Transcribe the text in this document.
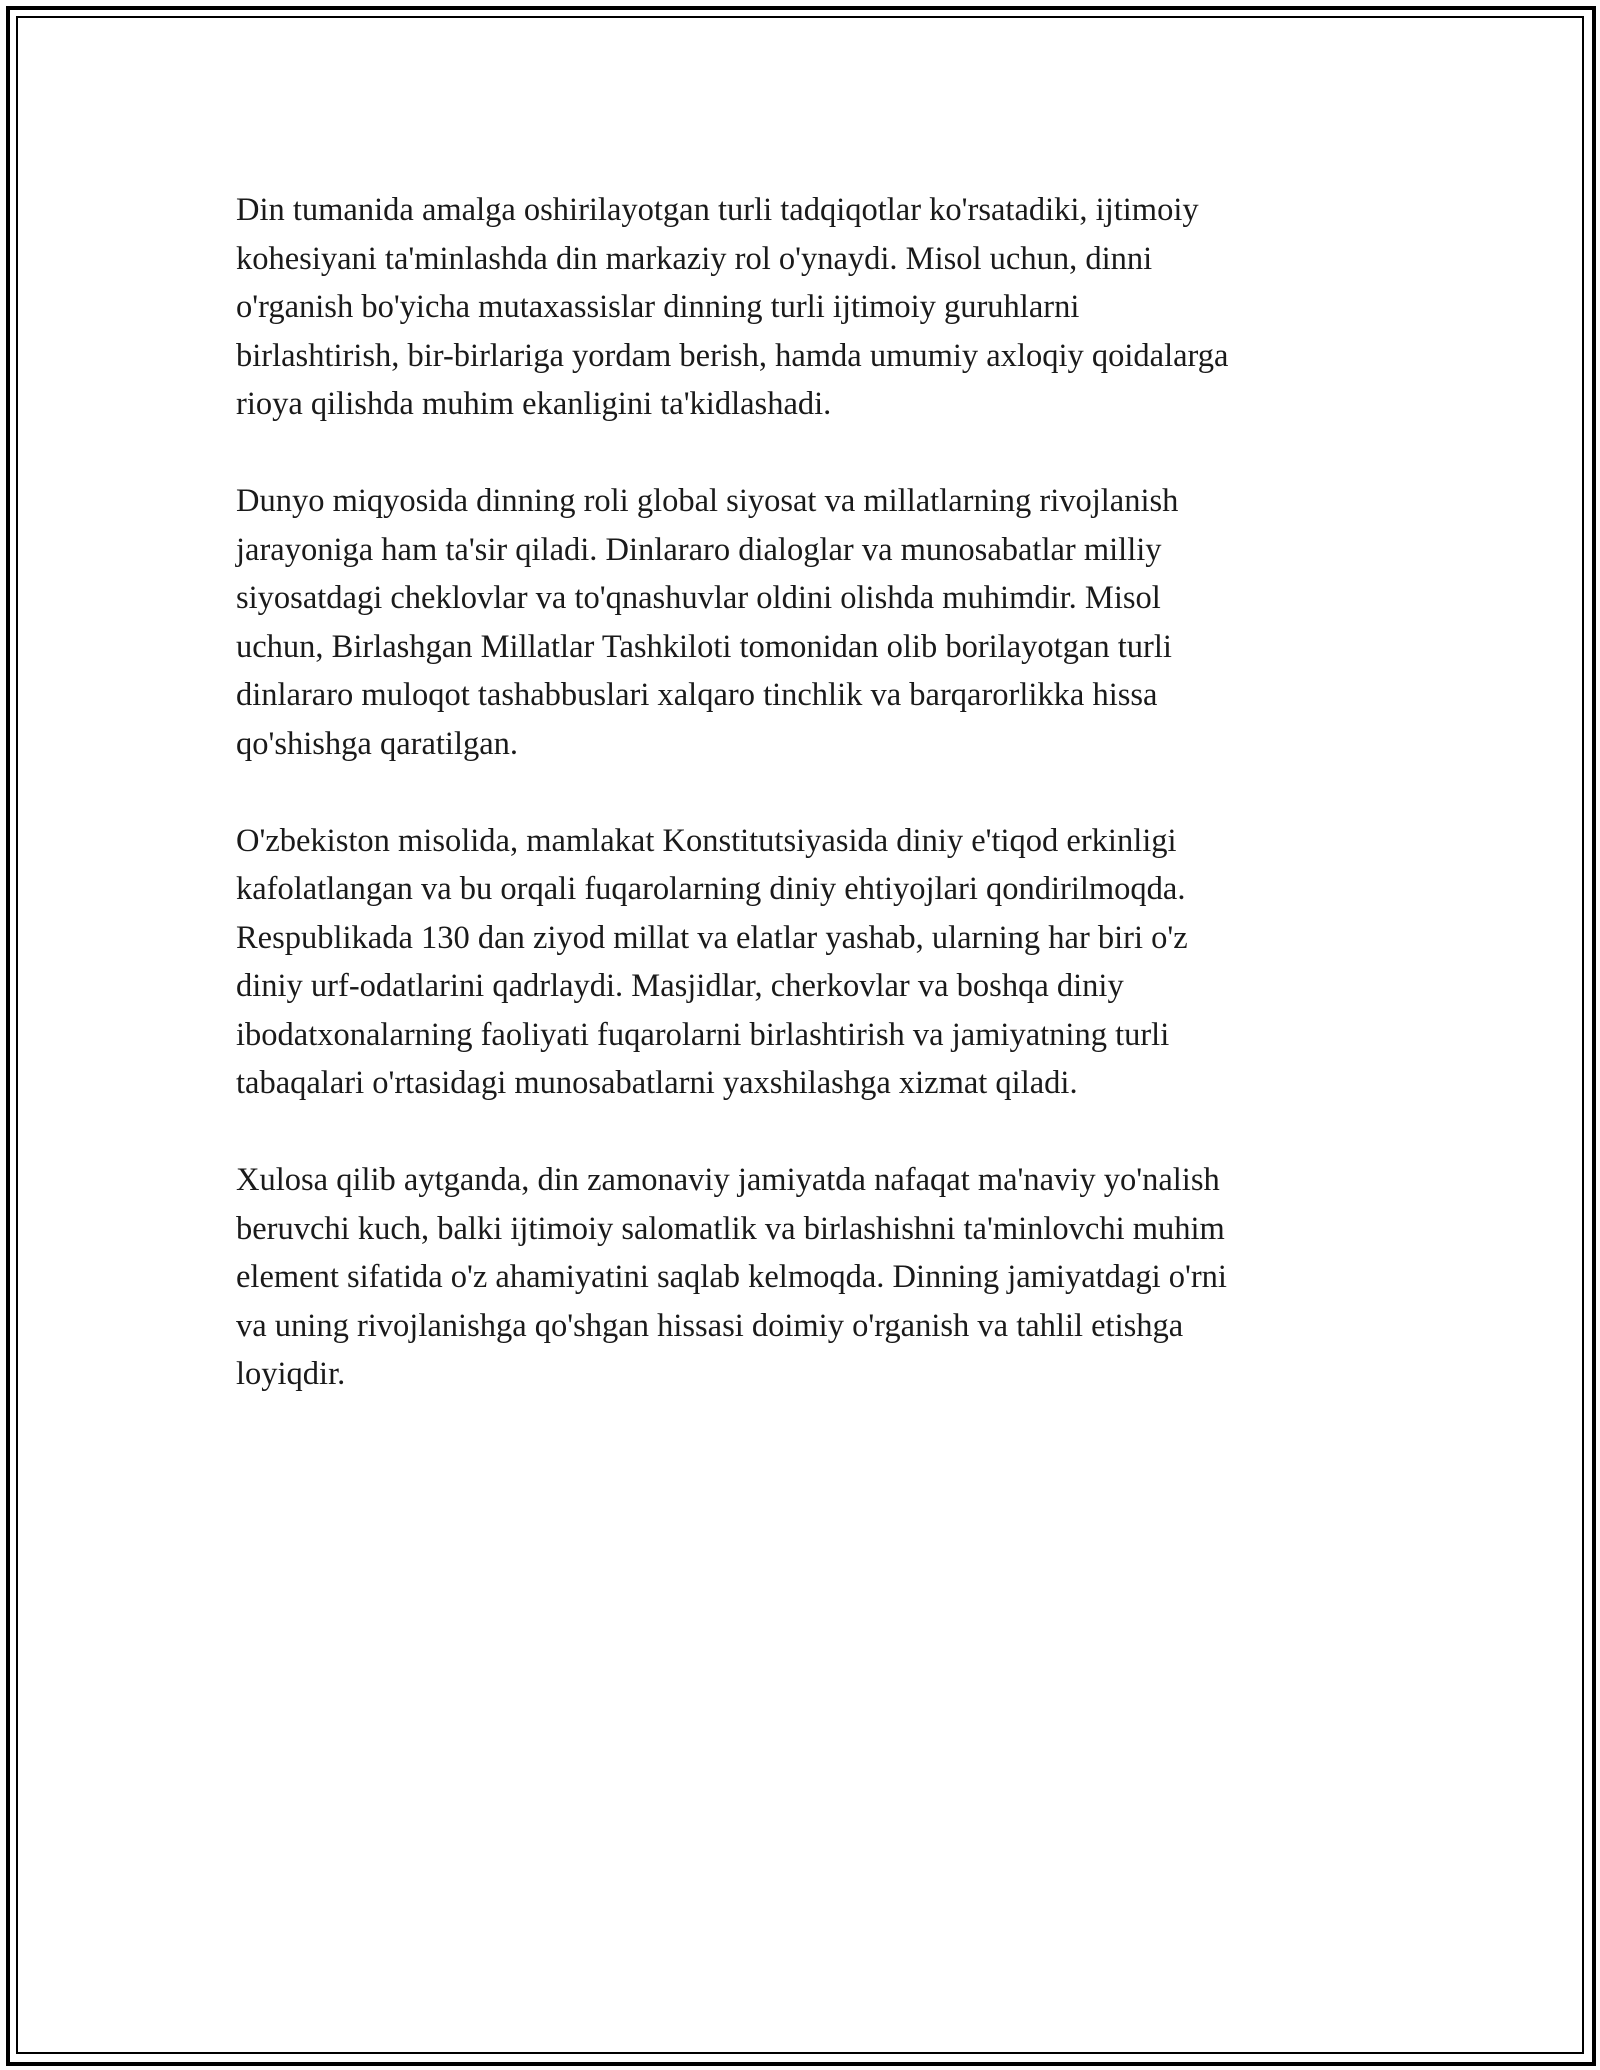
Din tumanida amalga oshirilayotgan turli tadqiqotlar ko'rsatadiki, ijtimoiy
kohesiyani ta'minlashda din markaziy rol o'ynaydi. Misol uchun, dinni
o'rganish bo'yicha mutaxassislar dinning turli ijtimoiy guruhlarni
birlashtirish, bir-birlariga yordam berish, hamda umumiy axloqiy qoidalarga
rioya qilishda muhim ekanligini ta'kidlashadi.

Dunyo miqyosida dinning roli global siyosat va millatlarning rivojlanish
jarayoniga ham ta'sir qiladi. Dinlararo dialoglar va munosabatlar milliy
siyosatdagi cheklovlar va to'qnashuvlar oldini olishda muhimdir. Misol
uchun, Birlashgan Millatlar Tashkiloti tomonidan olib borilayotgan turli
dinlararo muloqot tashabbuslari xalqaro tinchlik va barqarorlikka hissa
qo'shishga qaratilgan.

O'zbekiston misolida, mamlakat Konstitutsiyasida diniy e'tiqod erkinligi
kafolatlangan va bu orqali fuqarolarning diniy ehtiyojlari qondirilmoqda.
Respublikada 130 dan ziyod millat va elatlar yashab, ularning har biri o'z
diniy urf-odatlarini qadrlaydi. Masjidlar, cherkovlar va boshqa diniy
ibodatxonalarning faoliyati fuqarolarni birlashtirish va jamiyatning turli
tabaqalari o'rtasidagi munosabatlarni yaxshilashga xizmat qiladi.

Xulosa qilib aytganda, din zamonaviy jamiyatda nafaqat ma'naviy yo'nalish
beruvchi kuch, balki ijtimoiy salomatlik va birlashishni ta'minlovchi muhim
element sifatida o'z ahamiyatini saqlab kelmoqda. Dinning jamiyatdagi o'rni
va uning rivojlanishga qo'shgan hissasi doimiy o'rganish va tahlil etishga
loyiqdir.
